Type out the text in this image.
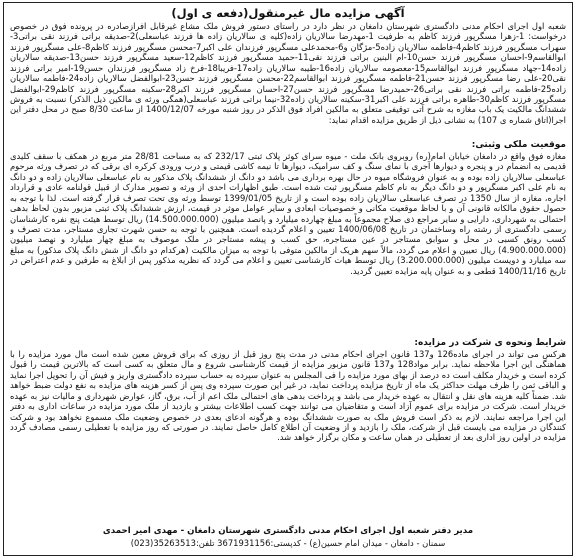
آگهی مزایده مال غیرمنقول(دفعه ی اول)

شعبه اول اجرای احکام مدنی دادگستری شهرستان دامغان در نظر دارد در راستای دستور فروش ملک مشاع غیرقابل افرازصادره در پرونده فوق در خصوص درخواست: 1-زهرا مسگرپور فرزند کاظم به طرفیت 1-مهدرضا سالاریان زاده(کلیه ی سالاریان زاده ها فرزند عباسعلی)2-صدیقه براتی فرزند نقی براتی3-سهراب مسگرپور فرزند کاظم4-فاطمه سالاریان زاده5-مژگان و6-محمدعلی مسگرپور فرزندان علی اکبر7-محسن مسگرپور فرزند کاظم8-علی مسگرپور فرزند ابوالقاسم9-احسان مسگرپور فرزند حسن10-ام البنین براتی فرزند نقی11-حمید مسگرپور فرزند کاظم12-سعید مسگرپور فرزند حسن13-صدیقه سالاریان زاده14-جهاد مسگرپور فرزند ابوالقاسم15-معصومه سالاریان زاده16-طیبه سالاریان زاده17-فریبا18-فرخ زاد مسگرپور فرزندان حسن19-امیر براتی فرزند نقی20-علی رضا مسگرپور فرزند حسن21-فاطمه مسگرپور فرزند ابوالقاسم22-محسن مسگرپور فرزند حسن23-ابوالفضل سالاریان زاده24-فاطمه سالاریان زاده25-فاطمه براتی فرزند نقی براتی26-حمیدرضا مسگرپور فرزند حسن27-احسان مسگرپور فرزند اکبر28-سکینه مسگرپور فرزند کاظم29-ابوالفضل مسگرپور فرزند کاظم30-طاهره براتی فرزند علی اکبر31-سکینه سالاریان زاده32-نیما براتی فرزند عباسعلی(همگی ورثه ی مالکین ذیل الذکر) نسبت به فروش ششدانگ مالکیت یک باب مغازه به شرح آتی توقیفی متعلق به مالکین افراد فوق الذکر در روز شنبه مورخه 1400/12/07 از ساعت 8/30 صبح در محل دفتر این اجرا(اتاق شماره ی 107) به نشانی ذیل از طریق مزایده اقدام نماید:

موقعیت ملکی وثبتی:

مغازه فوق واقع در دامغان خیابان امام(ره) روبروی بانک ملت - میوه سرای کوثر پلاک ثبتی 232/17 که به مساحت 28/81 متر مربع در همکف با سقف کلیدی قدیمی به انضمام در و پنجره و دیوارها آجری با نمای سنگ و کف سرامیک، دیوارها تا نیمه کاشی قیمتی و درب ورودی کرکره ای برقی که در تصرف ورثه مرحوم عباسعلی سالاریان زاده بوده و به عنوان فروشگاه میوه در حال بهره برداری می باشد دو دانگ از ششدانگ پلاک مذکور به نام عباسعلی سالاریان زاده و دو دانگ به نام علی اکبر مسگرپور و دو دانگ دیگر به نام کاظم مسگرپور ثبت شده است. طبق اظهارات احدی از ورثه و تصویر مدارک از قبیل قولنامه عادی و قرارداد اجاره، مغازه از سال 1350 در تصرف عباسعلی سالاریان زاده بوده است و از تاریخ 1399/01/05 توسط ورثه وی تحت تصرف قرار گرفته است. لذا با توجه به حصول حقوق مالکانه قانونی آن و با لحاظ موقعیت مکانی و خصوصیات ابعادی و سایر عوامل موثر در قیمت، ارزش ششدانگ پلاک ثبتی مزبور بدون لحاظ بدهی احتمالی به شهرداری، دارایی و سایر مراجع ذی صلاح مجموعاً به مبلغ چهارده میلیارد و پانصد میلیون (14.500.000.000) ریال توسط هیئت پنج نفره کارشناسان رسمی دادگستری از رشته راه وساختمان در تاریخ 1400/06/08 تعیین و اعلام گردیده است. همچنین با توجه به حسن شهرت تجاری مستاجر، مدت تصرف و کسب رونق کسبی در محل و سوابق مستاجر در عین مستاجره، حق کسب و پیشه مستاجر در ملک موصوف به مبلغ چهار میلیارد و نهصد میلیون (4.900.000.000) ریال تعیین و اعلام می گردد، مالاً سهم هریک از مالکین متوفی با توجه به میزان مالکیت (هرکدام دو دانگ از شش دانگ پلاک مذکور) به مبلغ سه میلیارد و دویست میلیون (3.200.000.000) ریال توسط هیات کارشناسی تعیین و اعلام می گردد که نظریه مذکور پس از ابلاغ به طرفین و عدم اعتراض در تاریخ 1400/11/16 قطعی و به عنوان پایه مزایده تعیین گردید.

شرایط ونحوه ی شرکت در مزایده:

هرکس می تواند در اجرای ماده126 و137 قانون اجرای احکام مدنی در مدت پنج روز قبل از روزی که برای فروش معین شده است مال مورد مزایده را با هماهنگی این اجرا ملاحظه نماید. برابر مواد128 و137 قانون مزبور مزایده از قیمت کارشناسی شروع و مال متعلق به کسی است که بالاترین قیمت را قبول کرده است و خریدار مکلف است ده درصد از بهای مورد مزایده را فی المجلس به عنوان سپرده به حساب سپرده دادگستری واریز و فیش آن را تحویل اجرا نماید و الباقی ثمن را ظرف مهلت حداکثر یک ماه از تاریخ مزایده پرداخت نماید، در غیر این صورت سپرده وی پس از کسر هزینه های مزایده به نفع دولت ضبط خواهد شد. ضمناً کلیه هزینه های نقل و انتقال به عهده خریدار می باشد و پرداخت بدهی های احتمالی ملک اعم از آب، برق، گاز، عوارض شهرداری و مالیات نیز به عهده خریدار است. شرکت در مزایده برای عموم آزاد است و متقاضیان می توانند جهت کسب اطلاعات بیشتر و بازدید از ملک مورد مزایده در ساعات اداری به دفتر این اجرا مراجعه نمایند. لازم به ذکر است فروش ملک به صورت ششدانگ بوده و هرگونه ادعای بعدی در خصوص وضعیت ملک مسموع نخواهد بود و شرکت کنندگان در مزایده می بایست قبل از شرکت، ملک را بازدید و از وضعیت آن اطلاع کامل حاصل نمایند. در صورتی که روز مزایده با تعطیلی رسمی مصادف گردد مزایده در اولین روز اداری بعد از تعطیلی در همان ساعت و مکان برگزار خواهد شد.

مدیر دفتر شعبه اول اجرای احکام مدنی دادگستری شهرستان دامغان - مهدی امیر احمدی
سمنان - دامغان - میدان امام حسین(ع) - کدپستی:3671931156 تلفن:35263513(023)
